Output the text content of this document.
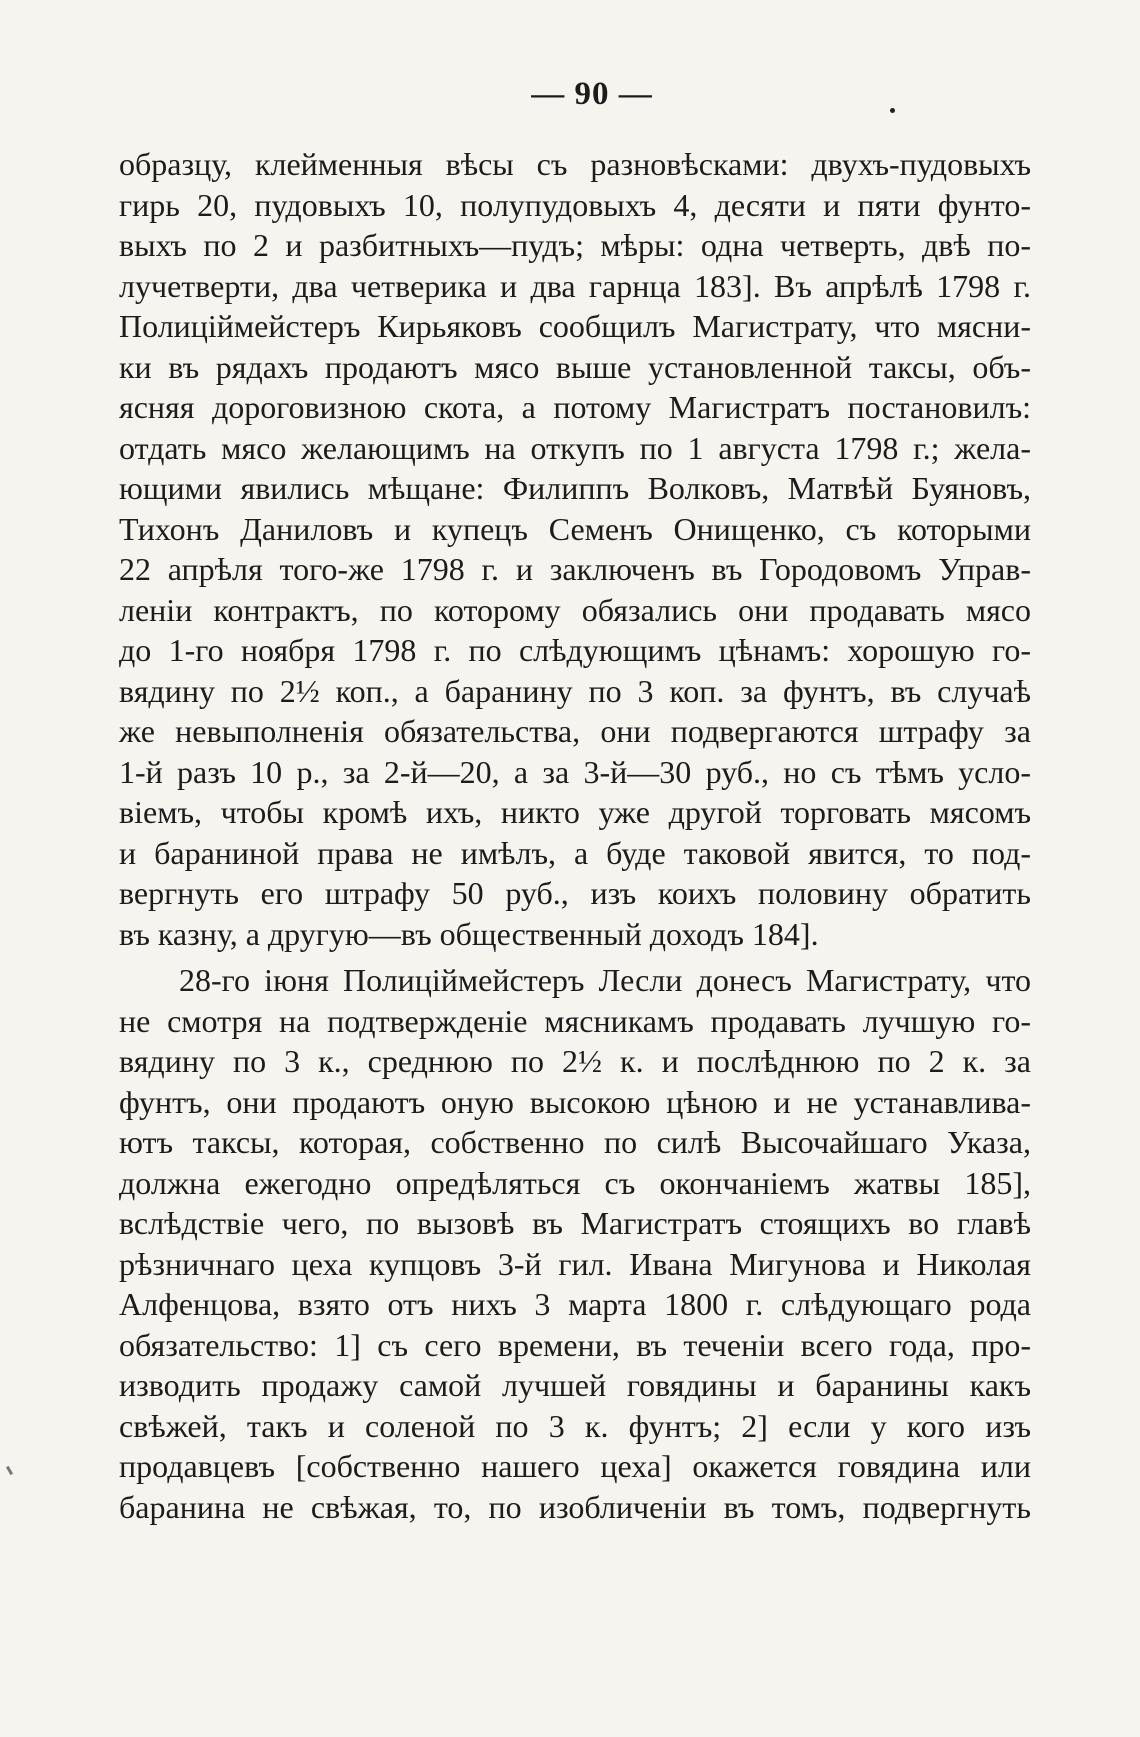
— 90 —
образцу, клейменныя вѣсы съ разновѣсками: двухъ-пудовыхъ
гирь 20, пудовыхъ 10, полупудовыхъ 4, десяти и пяти фунто-
выхъ по 2 и разбитныхъ—пудъ; мѣры: одна четверть, двѣ по-
лучетверти, два четверика и два гарнца 183]. Въ апрѣлѣ 1798 г.
Полиціймейстеръ Кирьяковъ сообщилъ Магистрату, что мясни-
ки въ рядахъ продаютъ мясо выше установленной таксы, объ-
ясняя дороговизною скота, а потому Магистратъ постановилъ:
отдать мясо желающимъ на откупъ по 1 августа 1798 г.; жела-
ющими явились мѣщане: Филиппъ Волковъ, Матвѣй Буяновъ,
Тихонъ Даниловъ и купецъ Семенъ Онищенко, съ которыми
22 апрѣля того-же 1798 г. и заключенъ въ Городовомъ Управ-
леніи контрактъ, по которому обязались они продавать мясо
до 1-го ноября 1798 г. по слѣдующимъ цѣнамъ: хорошую го-
вядину по 2½ коп., а баранину по 3 коп. за фунтъ, въ случаѣ
же невыполненія обязательства, они подвергаются штрафу за
1-й разъ 10 р., за 2-й—20, а за 3-й—30 руб., но съ тѣмъ усло-
віемъ, чтобы кромѣ ихъ, никто уже другой торговать мясомъ
и бараниной права не имѣлъ, а буде таковой явится, то под-
вергнуть его штрафу 50 руб., изъ коихъ половину обратить
въ казну, а другую—въ общественный доходъ 184].
28-го іюня Полиціймейстеръ Лесли донесъ Магистрату, что
не смотря на подтвержденіе мясникамъ продавать лучшую го-
вядину по 3 к., среднюю по 2½ к. и послѣднюю по 2 к. за
фунтъ, они продаютъ оную высокою цѣною и не устанавлива-
ютъ таксы, которая, собственно по силѣ Высочайшаго Указа,
должна ежегодно опредѣляться съ окончаніемъ жатвы 185],
вслѣдствіе чего, по вызовѣ въ Магистратъ стоящихъ во главѣ
рѣзничнаго цеха купцовъ 3-й гил. Ивана Мигунова и Николая
Алфенцова, взято отъ нихъ 3 марта 1800 г. слѣдующаго рода
обязательство: 1] съ сего времени, въ теченіи всего года, про-
изводить продажу самой лучшей говядины и баранины какъ
свѣжей, такъ и соленой по 3 к. фунтъ; 2] если у кого изъ
продавцевъ [собственно нашего цеха] окажется говядина или
баранина не свѣжая, то, по изобличеніи въ томъ, подвергнуть
